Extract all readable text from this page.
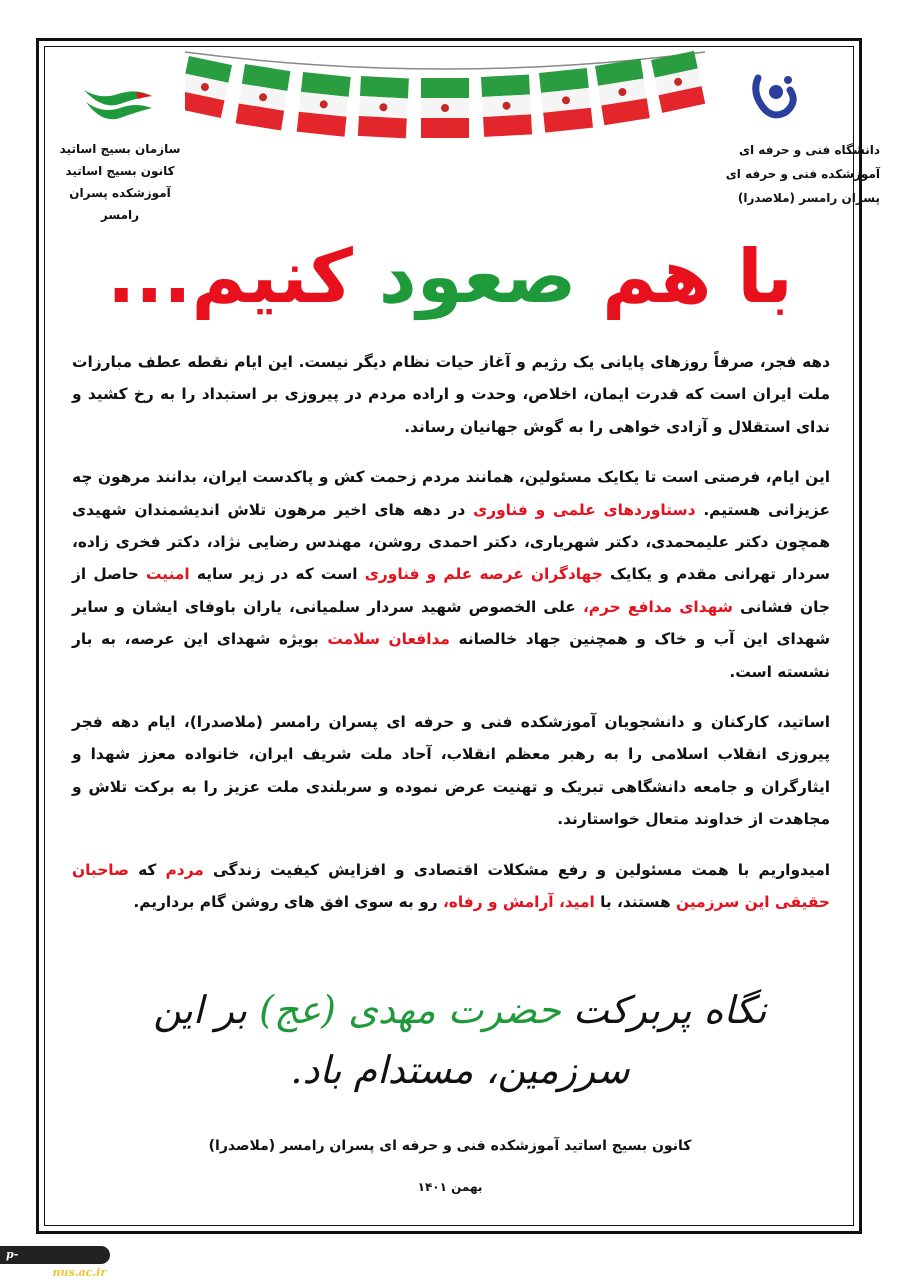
سازمان بسیج اساتید
کانون بسیج اساتید
آموزشکده پسران رامسر
دانشگاه فنی و حرفه ای
آموزشکده فنی و حرفه ای
پسران رامسر (ملاصدرا)
با هم صعود کنیم...

دهه فجر، صرفاً روزهای پایانی یک رژیم و آغاز حیات نظام دیگر نیست. این ایام نقطه عطف مبارزات ملت ایران است که قدرت ایمان، اخلاص، وحدت و اراده مردم در پیروزی بر استبداد را به رخ کشید و ندای استقلال و آزادی خواهی را به گوش جهانیان رساند.

این ایام، فرصتی است تا یکایک مسئولین، همانند مردم زحمت کش و پاکدست ایران، بدانند مرهون چه عزیزانی هستیم. دستاوردهای علمی و فناوری در دهه های اخیر مرهون تلاش اندیشمندان شهیدی همچون دکتر علیمحمدی، دکتر شهریاری، دکتر احمدی روشن، مهندس رضایی نژاد، دکتر فخری زاده، سردار تهرانی مقدم و یکایک جهادگران عرصه علم و فناوری است که در زیر سایه امنیت حاصل از جان فشانی شهدای مدافع حرم، علی الخصوص شهید سردار سلمیانی، یاران باوفای ایشان و سایر شهدای این آب و خاک و همچنین جهاد خالصانه مدافعان سلامت بویژه شهدای این عرصه، به بار نشسته است.

اساتید، کارکنان و دانشجویان آموزشکده فنی و حرفه ای پسران رامسر (ملاصدرا)، ایام دهه فجر پیروزی انقلاب اسلامی را به رهبر معظم انقلاب، آحاد ملت شریف ایران، خانواده معزز شهدا و ایثارگران و جامعه دانشگاهی تبریک و تهنیت عرض نموده و سربلندی ملت عزیز را به برکت تلاش و مجاهدت از خداوند متعال خواستارند.

امیدواریم با همت مسئولین و رفع مشکلات اقتصادی و افزایش کیفیت زندگی مردم که صاحبان حقیقی این سرزمین هستند، با امید، آرامش و رفاه، رو به سوی افق های روشن گام برداریم.

نگاه پربرکت حضرت مهدی (عج) بر این سرزمین، مستدام باد.
کانون بسیج اساتید آموزشکده فنی و حرفه ای پسران رامسر (ملاصدرا)
بهمن ۱۴۰۱
p-ramsar.nus.ac.ir
